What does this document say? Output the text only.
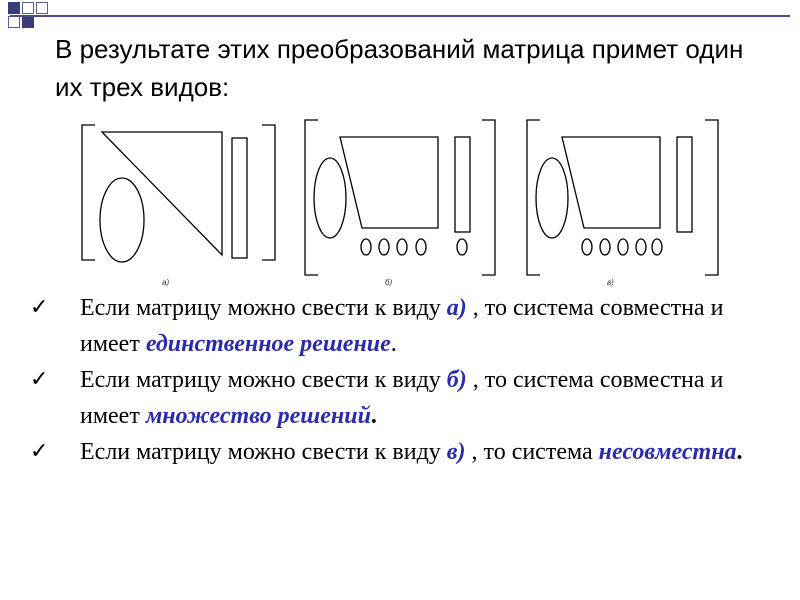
В результате этих преобразований матрица примет один их трех видов:
а)	б)	в)
✓	Если матрицу можно свести к виду а) , то система совместна и имеет единственное решение.
✓	Если матрицу можно свести к виду б) , то система совместна и имеет множество решений.
✓	Если матрицу можно свести к виду в) , то система несовместна.
